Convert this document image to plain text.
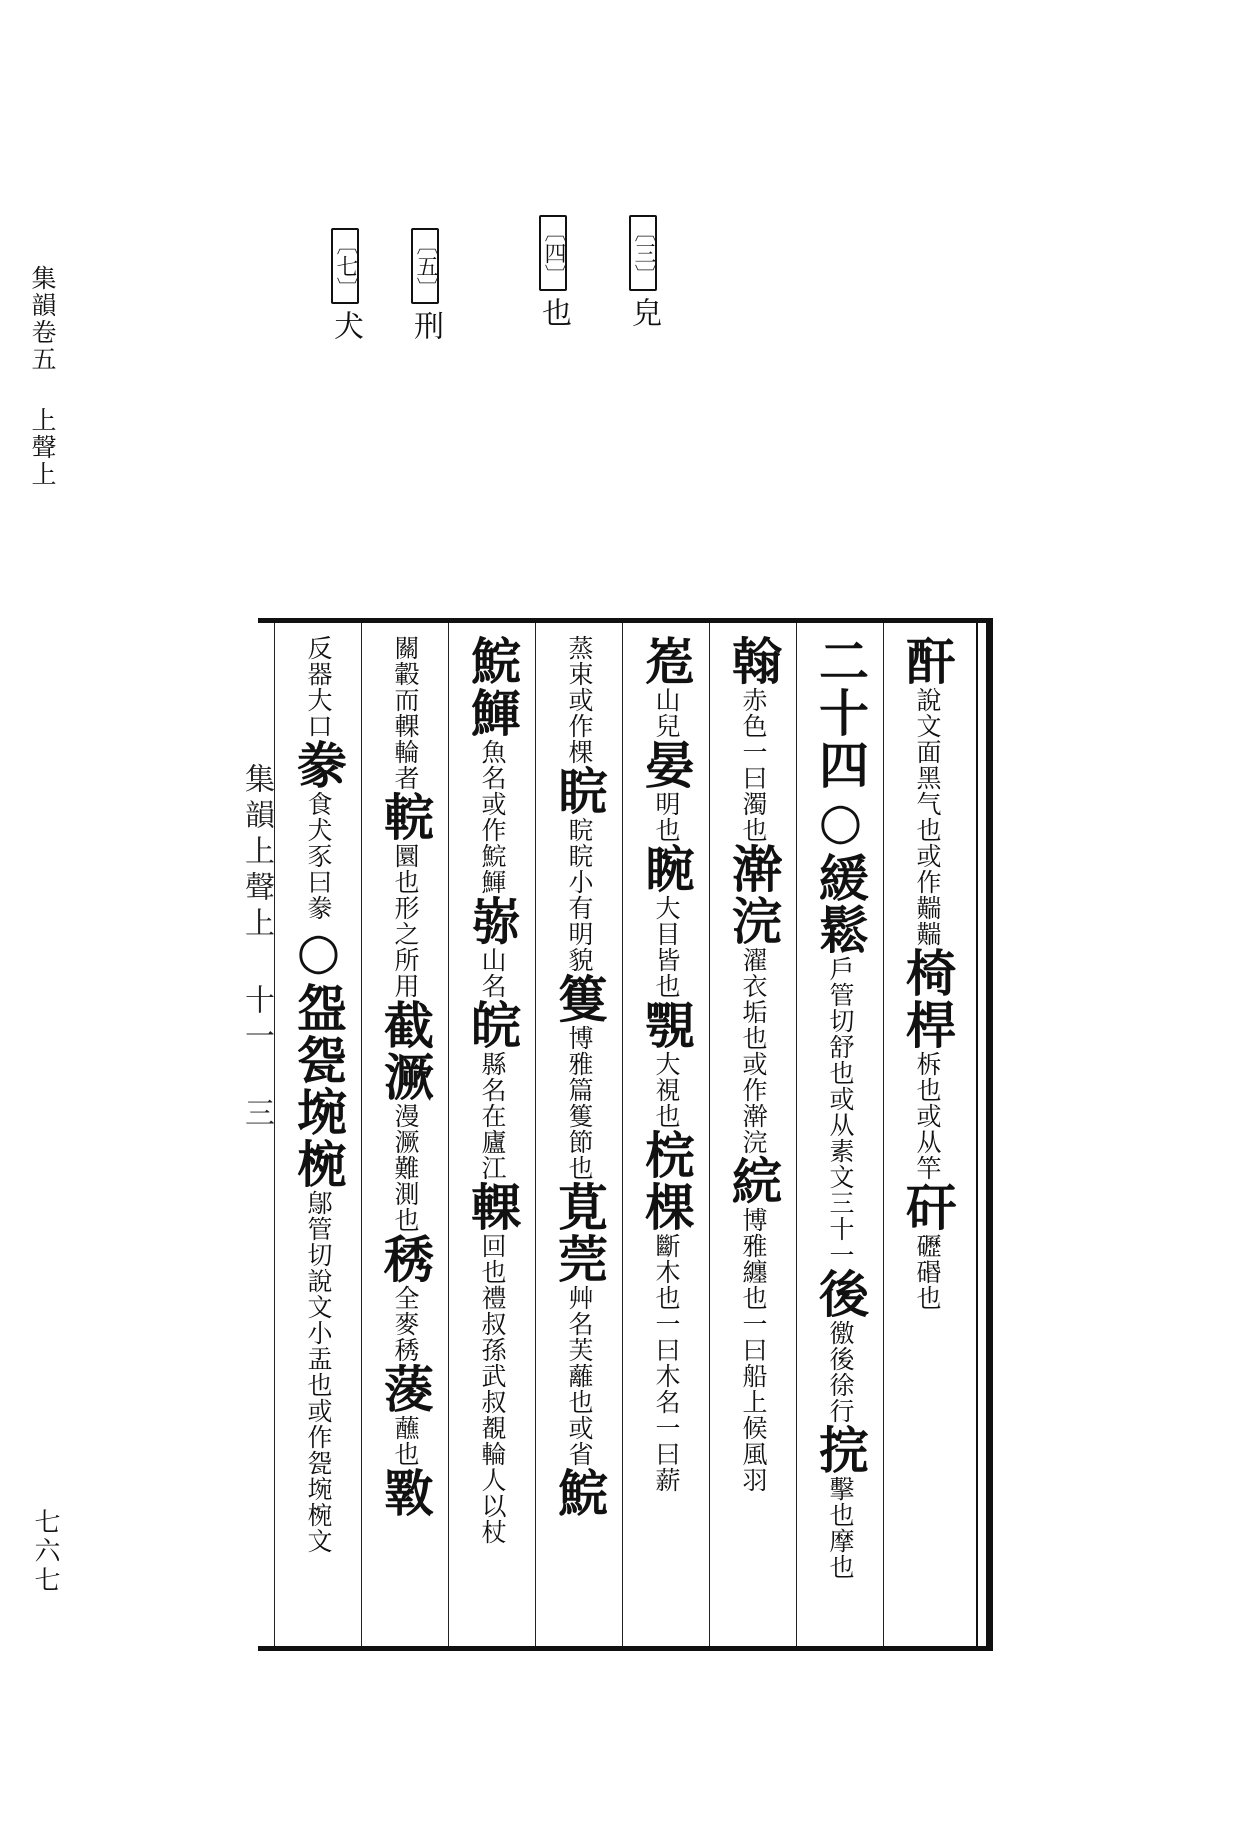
集韻卷五上聲上
〔三〕皃
〔四〕也
〔五〕刑
〔七〕犬
集韻上聲上 十一 三
酐說文面黑气也或作䵎䵎椅桿柝也或从竿矸礰䃉也
二十四○緩鬆戶管切舒也或从素文三十一後徼後徐行捖擊也摩也
翰赤色一曰濁也澣浣濯衣垢也或作澣浣綄博雅纏也一曰船上候風羽
峞山兒晏明也睕大目皆也覨大視也梡棵斷木也一曰木名一曰薪
蒸束或作棵睆睆睆小有明貌篗博雅篇篗節也莧莞艸名芙蘺也或省鯇
鯇鯶魚名或作鯇鯶㟜山名皖縣名在廬江輠回也禮叔孫武叔覩輪人以杖
關轂而輠輪者輐圜也形之所用截㵐漫㵐難測也䅎全麥䅎蔆蘸也斁
反器大口豢食犬豕曰豢○盌㼝埦椀鄔管切說文小盂也或作㼝埦椀文
七六七
